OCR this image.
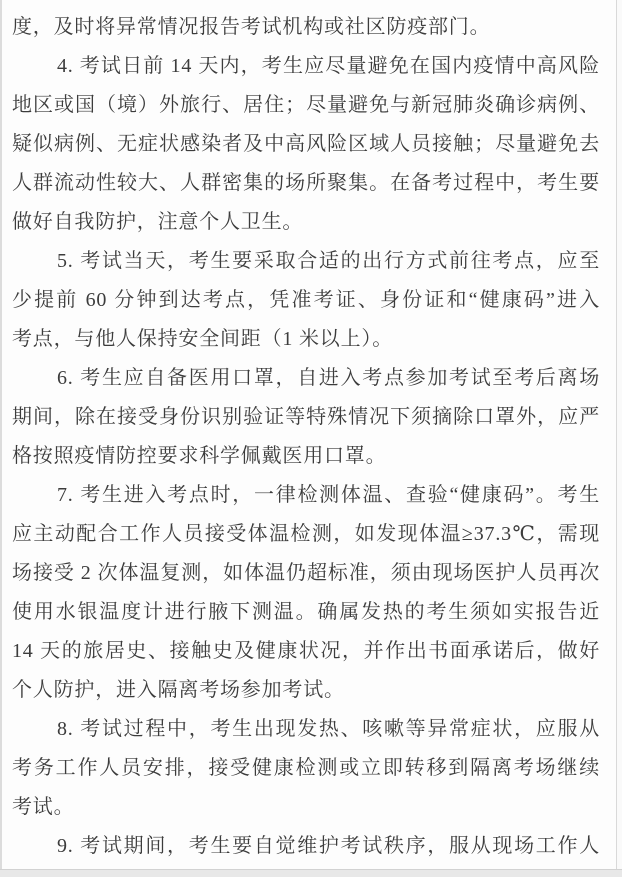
度，及时将异常情况报告考试机构或社区防疫部门。
4. 考试日前 14 天内，考生应尽量避免在国内疫情中高风险
地区或国（境）外旅行、居住；尽量避免与新冠肺炎确诊病例、
疑似病例、无症状感染者及中高风险区域人员接触；尽量避免去
人群流动性较大、人群密集的场所聚集。在备考过程中，考生要
做好自我防护，注意个人卫生。
5. 考试当天，考生要采取合适的出行方式前往考点，应至
少提前 60 分钟到达考点，凭准考证、身份证和“健康码”进入
考点，与他人保持安全间距（1 米以上）。
6. 考生应自备医用口罩，自进入考点参加考试至考后离场
期间，除在接受身份识别验证等特殊情况下须摘除口罩外，应严
格按照疫情防控要求科学佩戴医用口罩。
7. 考生进入考点时，一律检测体温、查验“健康码”。考生
应主动配合工作人员接受体温检测，如发现体温≥37.3℃，需现
场接受 2 次体温复测，如体温仍超标准，须由现场医护人员再次
使用水银温度计进行腋下测温。确属发热的考生须如实报告近
14 天的旅居史、接触史及健康状况，并作出书面承诺后，做好
个人防护，进入隔离考场参加考试。
8. 考试过程中，考生出现发热、咳嗽等异常症状，应服从
考务工作人员安排，接受健康检测或立即转移到隔离考场继续
考试。
9. 考试期间，考生要自觉维护考试秩序，服从现场工作人
